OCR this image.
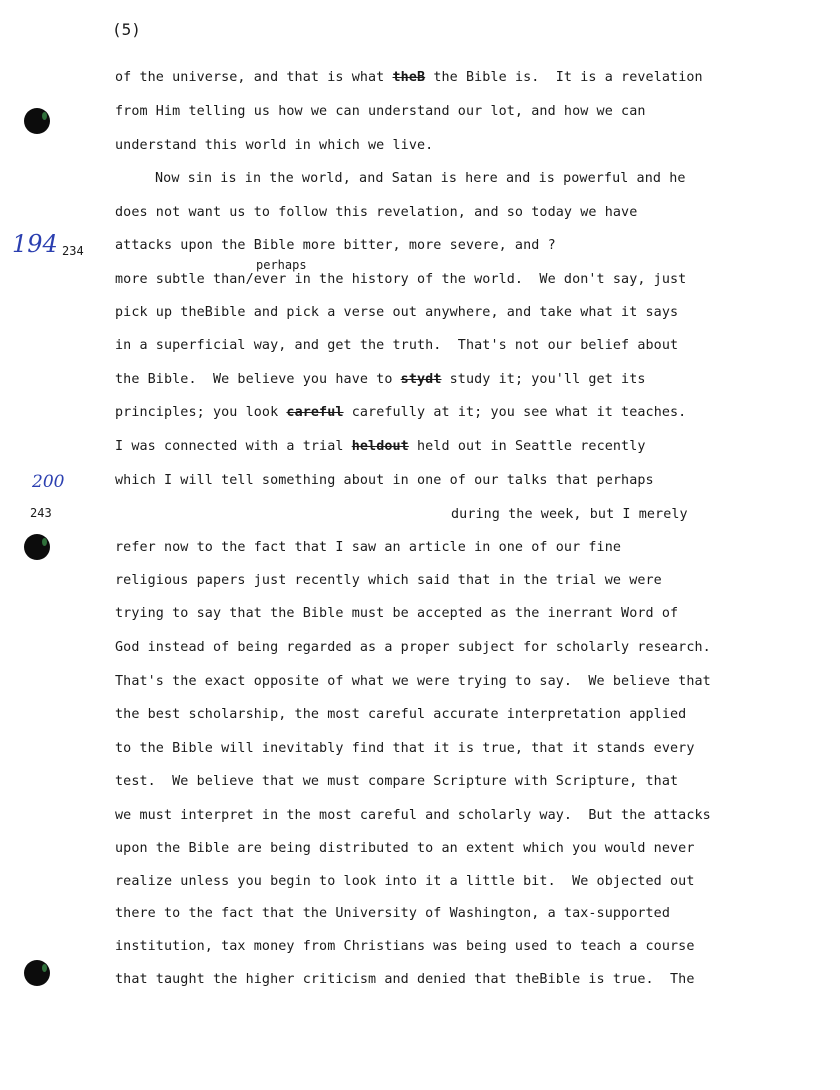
(5)
194 234
200
243
perhaps
of the universe, and that is what theB the Bible is.  It is a revelation
from Him telling us how we can understand our lot, and how we can
understand this world in which we live.
Now sin is in the world, and Satan is here and is powerful and he
does not want us to follow this revelation, and so today we have
attacks upon the Bible more bitter, more severe, and ?
more subtle than/ever in the history of the world.  We don't say, just
pick up theBible and pick a verse out anywhere, and take what it says
in a superficial way, and get the truth.  That's not our belief about
the Bible.  We believe you have to stydt study it; you'll get its
principles; you look careful carefully at it; you see what it teaches.
I was connected with a trial heldout held out in Seattle recently
which I will tell something about in one of our talks that perhaps
during the week, but I merely
refer now to the fact that I saw an article in one of our fine
religious papers just recently which said that in the trial we were
trying to say that the Bible must be accepted as the inerrant Word of
God instead of being regarded as a proper subject for scholarly research.
That's the exact opposite of what we were trying to say.  We believe that
the best scholarship, the most careful accurate interpretation applied
to the Bible will inevitably find that it is true, that it stands every
test.  We believe that we must compare Scripture with Scripture, that
we must interpret in the most careful and scholarly way.  But the attacks
upon the Bible are being distributed to an extent which you would never
realize unless you begin to look into it a little bit.  We objected out
there to the fact that the University of Washington, a tax-supported
institution, tax money from Christians was being used to teach a course
that taught the higher criticism and denied that theBible is true.  The
